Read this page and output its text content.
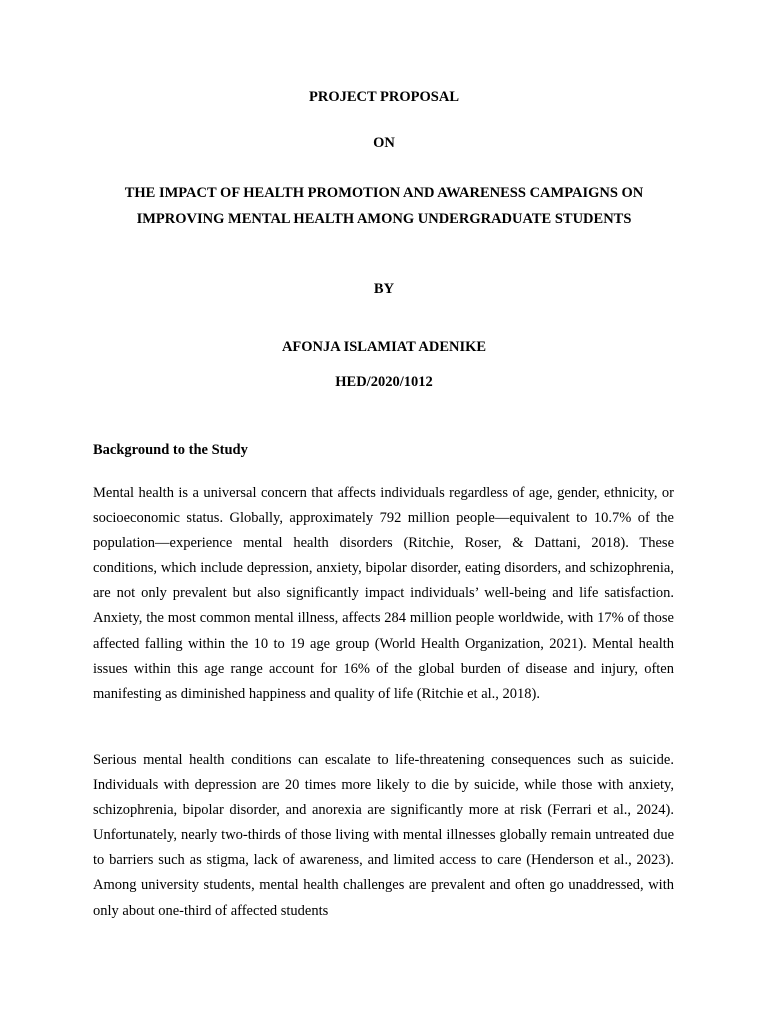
PROJECT PROPOSAL

ON

THE IMPACT OF HEALTH PROMOTION AND AWARENESS CAMPAIGNS ON IMPROVING MENTAL HEALTH AMONG UNDERGRADUATE STUDENTS

BY

AFONJA ISLAMIAT ADENIKE

HED/2020/1012

Background to the Study

Mental health is a universal concern that affects individuals regardless of age, gender, ethnicity, or socioeconomic status. Globally, approximately 792 million people—equivalent to 10.7% of the population—experience mental health disorders (Ritchie, Roser, & Dattani, 2018). These conditions, which include depression, anxiety, bipolar disorder, eating disorders, and schizophrenia, are not only prevalent but also significantly impact individuals’ well-being and life satisfaction. Anxiety, the most common mental illness, affects 284 million people worldwide, with 17% of those affected falling within the 10 to 19 age group (World Health Organization, 2021). Mental health issues within this age range account for 16% of the global burden of disease and injury, often manifesting as diminished happiness and quality of life (Ritchie et al., 2018).

Serious mental health conditions can escalate to life-threatening consequences such as suicide. Individuals with depression are 20 times more likely to die by suicide, while those with anxiety, schizophrenia, bipolar disorder, and anorexia are significantly more at risk (Ferrari et al., 2024). Unfortunately, nearly two-thirds of those living with mental illnesses globally remain untreated due to barriers such as stigma, lack of awareness, and limited access to care (Henderson et al., 2023). Among university students, mental health challenges are prevalent and often go unaddressed, with only about one-third of affected students
